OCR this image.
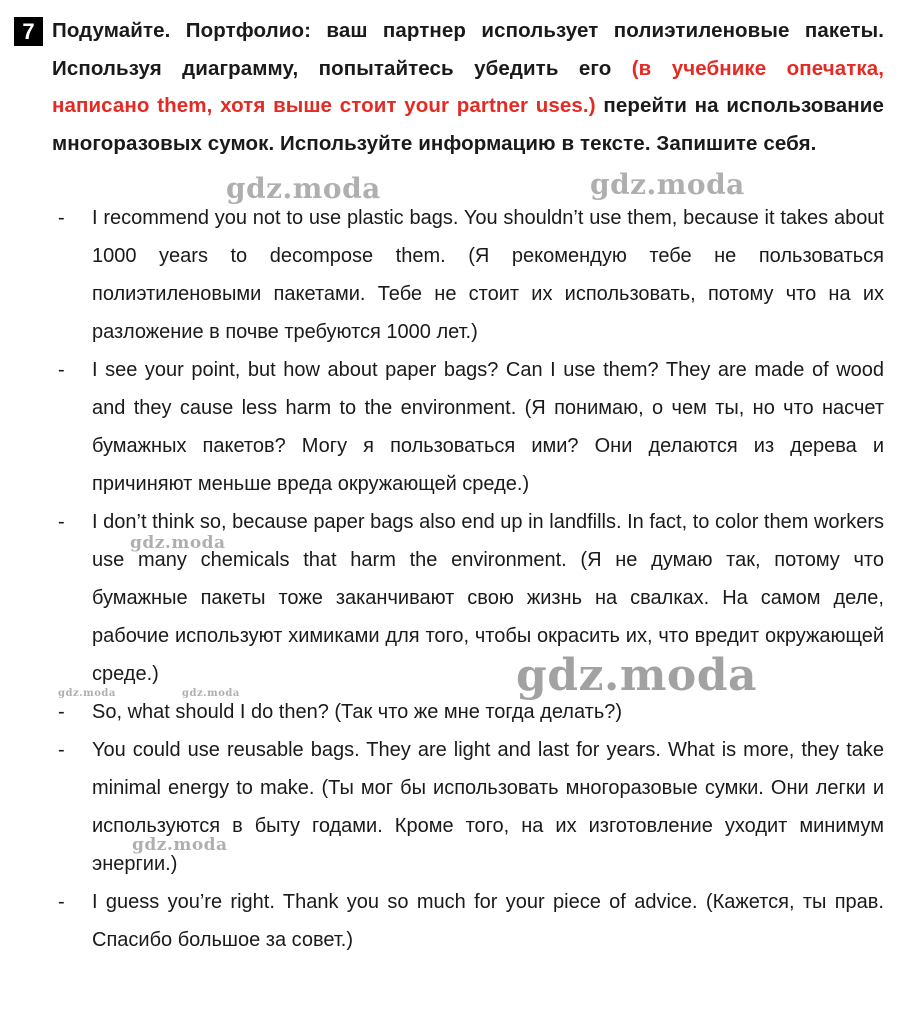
7 Подумайте. Портфолио: ваш партнер использует полиэтиленовые пакеты. Используя диаграмму, попытайтесь убедить его (в учебнике опечатка, написано them, хотя выше стоит your partner uses.) перейти на использование многоразовых сумок. Используйте информацию в тексте. Запишите себя.
- I recommend you not to use plastic bags. You shouldn’t use them, because it takes about 1000 years to decompose them. (Я рекомендую тебе не пользоваться полиэтиленовыми пакетами. Тебе не стоит их использовать, потому что на их разложение в почве требуются 1000 лет.)
- I see your point, but how about paper bags? Can I use them? They are made of wood and they cause less harm to the environment. (Я понимаю, о чем ты, но что насчет бумажных пакетов? Могу я пользоваться ими? Они делаются из дерева и причиняют меньше вреда окружающей среде.)
- I don’t think so, because paper bags also end up in landfills. In fact, to color them workers use many chemicals that harm the environment. (Я не думаю так, потому что бумажные пакеты тоже заканчивают свою жизнь на свалках. На самом деле, рабочие используют химиками для того, чтобы окрасить их, что вредит окружающей среде.)
- So, what should I do then? (Так что же мне тогда делать?)
- You could use reusable bags. They are light and last for years. What is more, they take minimal energy to make. (Ты мог бы использовать многоразовые сумки. Они легки и используются в быту годами. Кроме того, на их изготовление уходит минимум энергии.)
- I guess you’re right. Thank you so much for your piece of advice. (Кажется, ты прав. Спасибо большое за совет.)
gdz.moda	gdz.moda
gdz.moda
gdz.moda
gdz.moda	gdz.moda
gdz.moda
